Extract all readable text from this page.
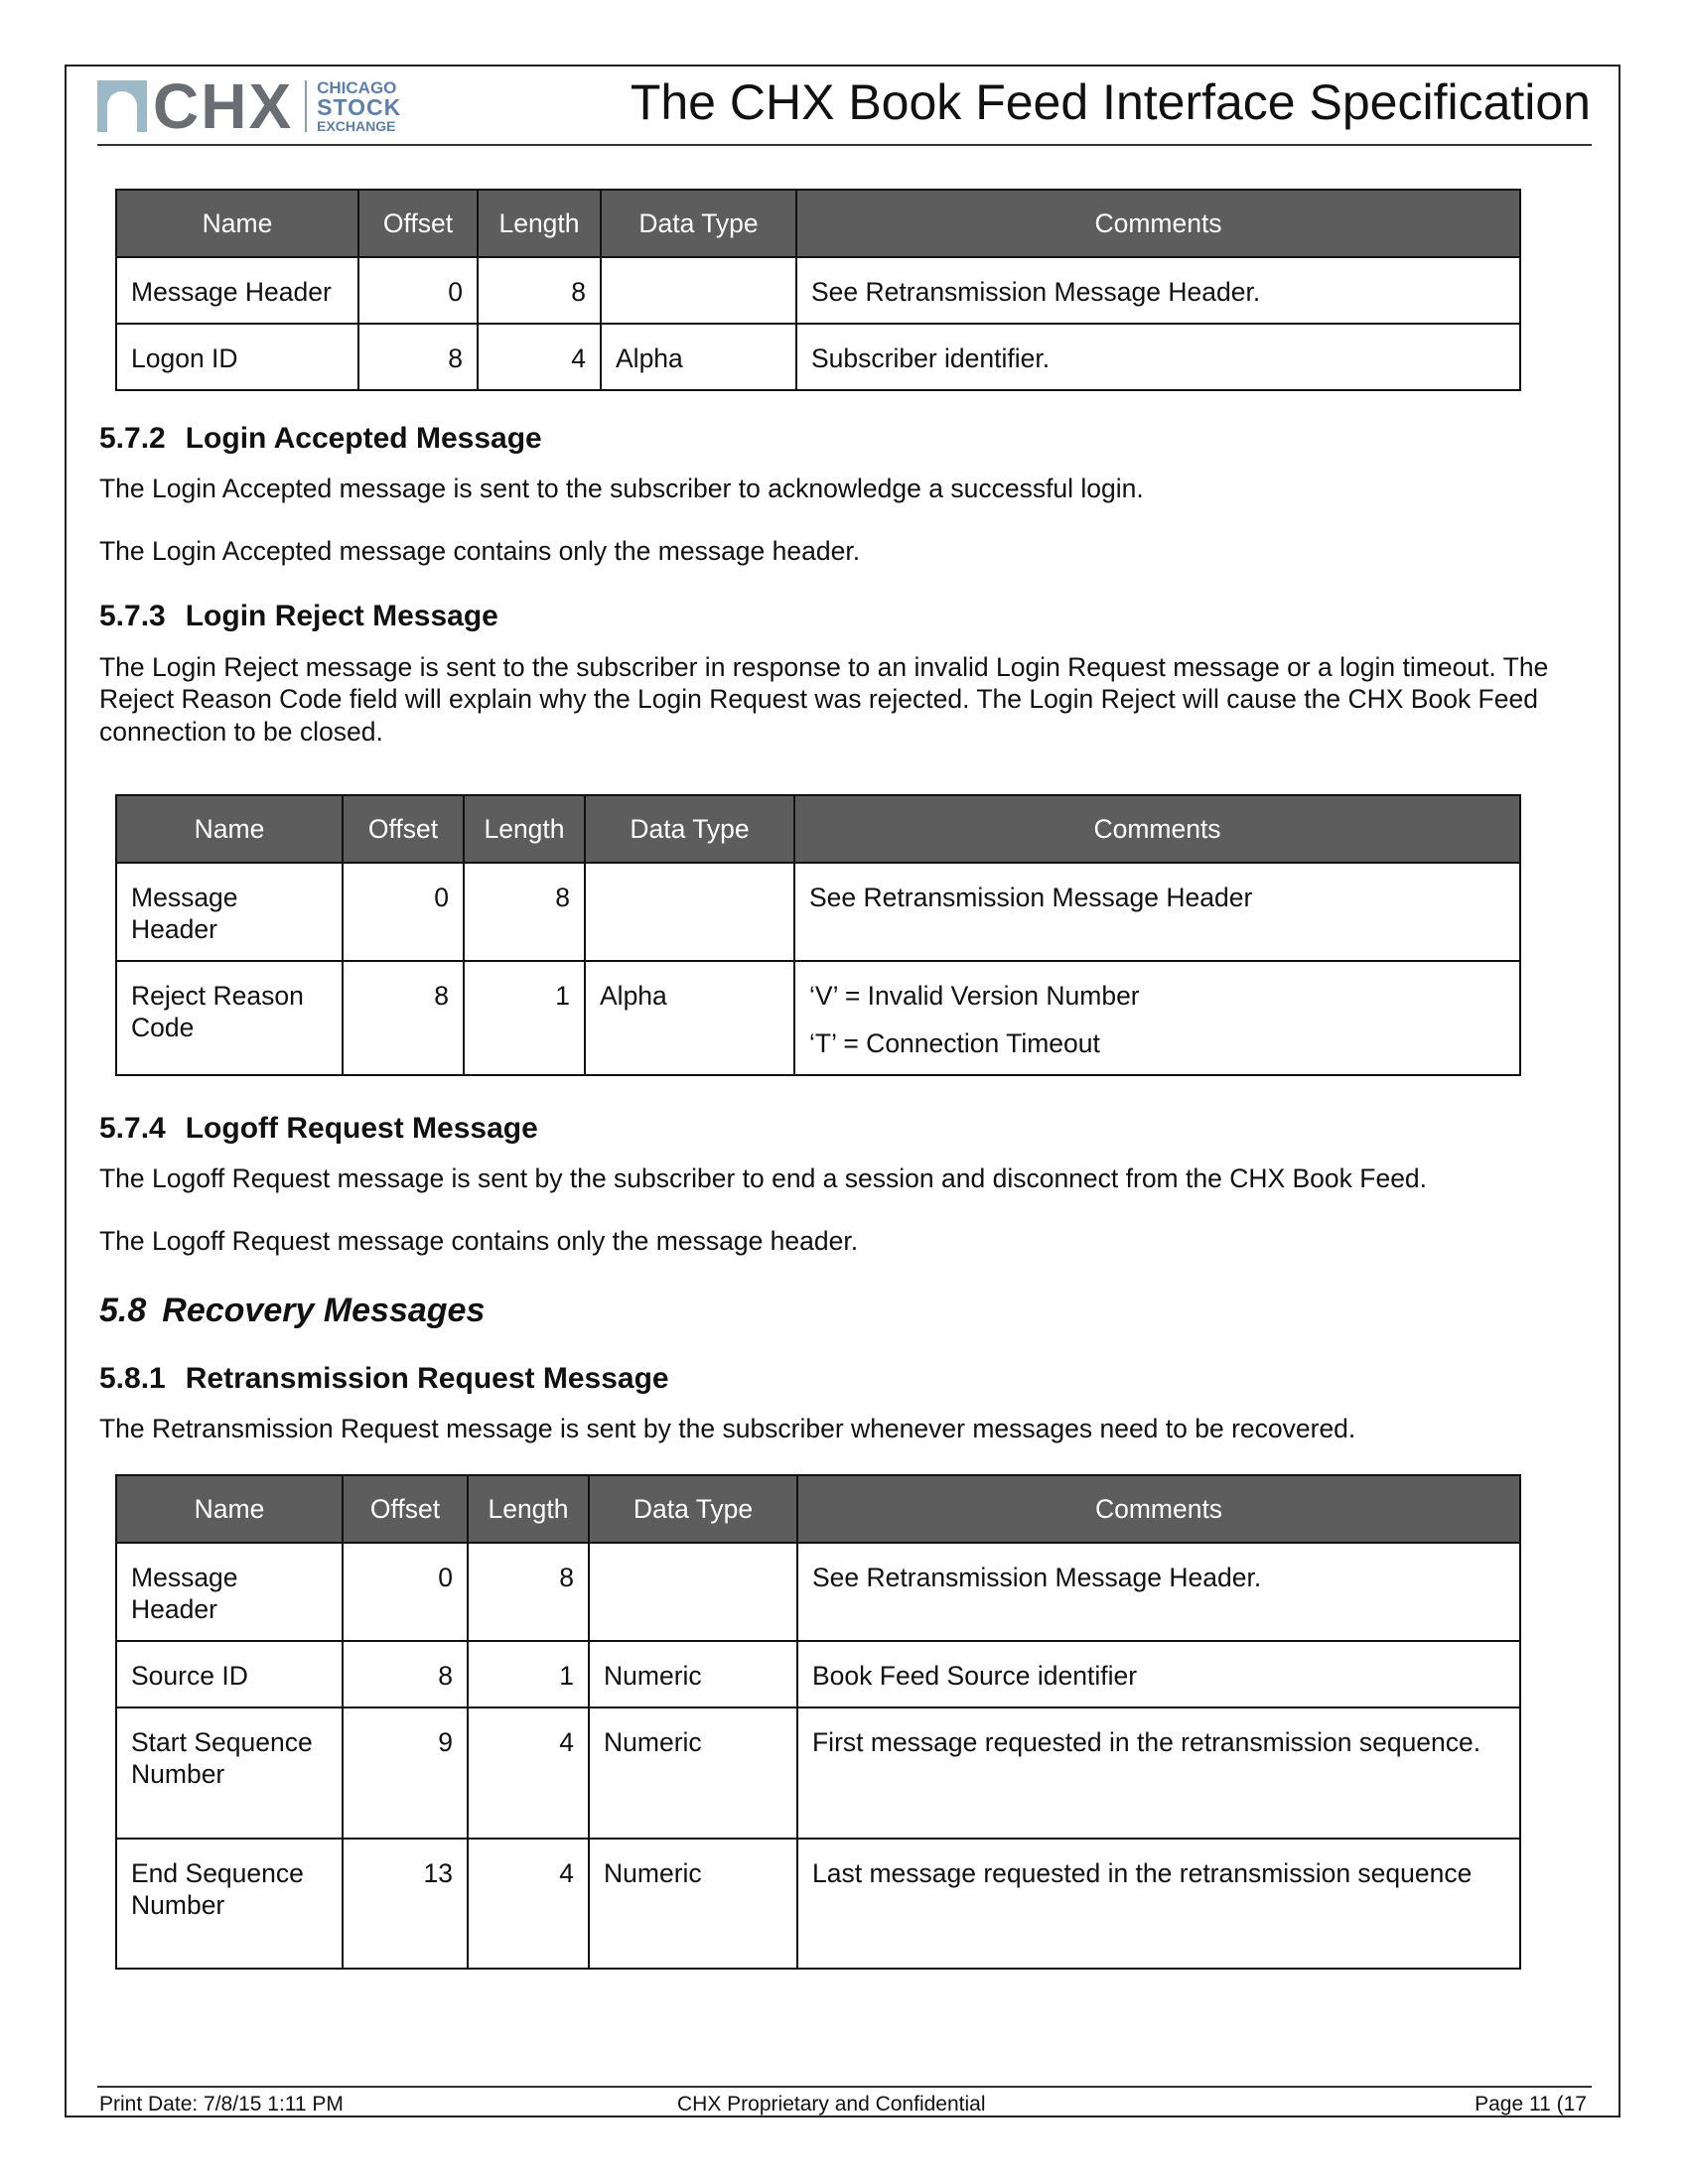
CHX CHICAGO
STOCK
EXCHANGE	The CHX Book Feed Interface Specification
Name	Offset	Length	Data Type	Comments
Message Header	0	8		See Retransmission Message Header.
Logon ID	8	4	Alpha	Subscriber identifier.
5.7.2 Login Accepted Message
The Login Accepted message is sent to the subscriber to acknowledge a successful login.
The Login Accepted message contains only the message header.
5.7.3 Login Reject Message
The Login Reject message is sent to the subscriber in response to an invalid Login Request message or a login timeout. The Reject Reason Code field will explain why the Login Request was rejected. The Login Reject will cause the CHX Book Feed connection to be closed.
Name	Offset	Length	Data Type	Comments
Message Header	0	8		See Retransmission Message Header
Reject Reason Code	8	1	Alpha	‘V’ = Invalid Version Number
‘T’ = Connection Timeout
5.7.4 Logoff Request Message
The Logoff Request message is sent by the subscriber to end a session and disconnect from the CHX Book Feed.
The Logoff Request message contains only the message header.
5.8 Recovery Messages
5.8.1 Retransmission Request Message
The Retransmission Request message is sent by the subscriber whenever messages need to be recovered.
Name	Offset	Length	Data Type	Comments
Message Header	0	8		See Retransmission Message Header.
Source ID	8	1	Numeric	Book Feed Source identifier
Start Sequence Number	9	4	Numeric	First message requested in the retransmission sequence.
End Sequence Number	13	4	Numeric	Last message requested in the retransmission sequence
Print Date: 7/8/15 1:11 PM	CHX Proprietary and Confidential	Page 11 (17
